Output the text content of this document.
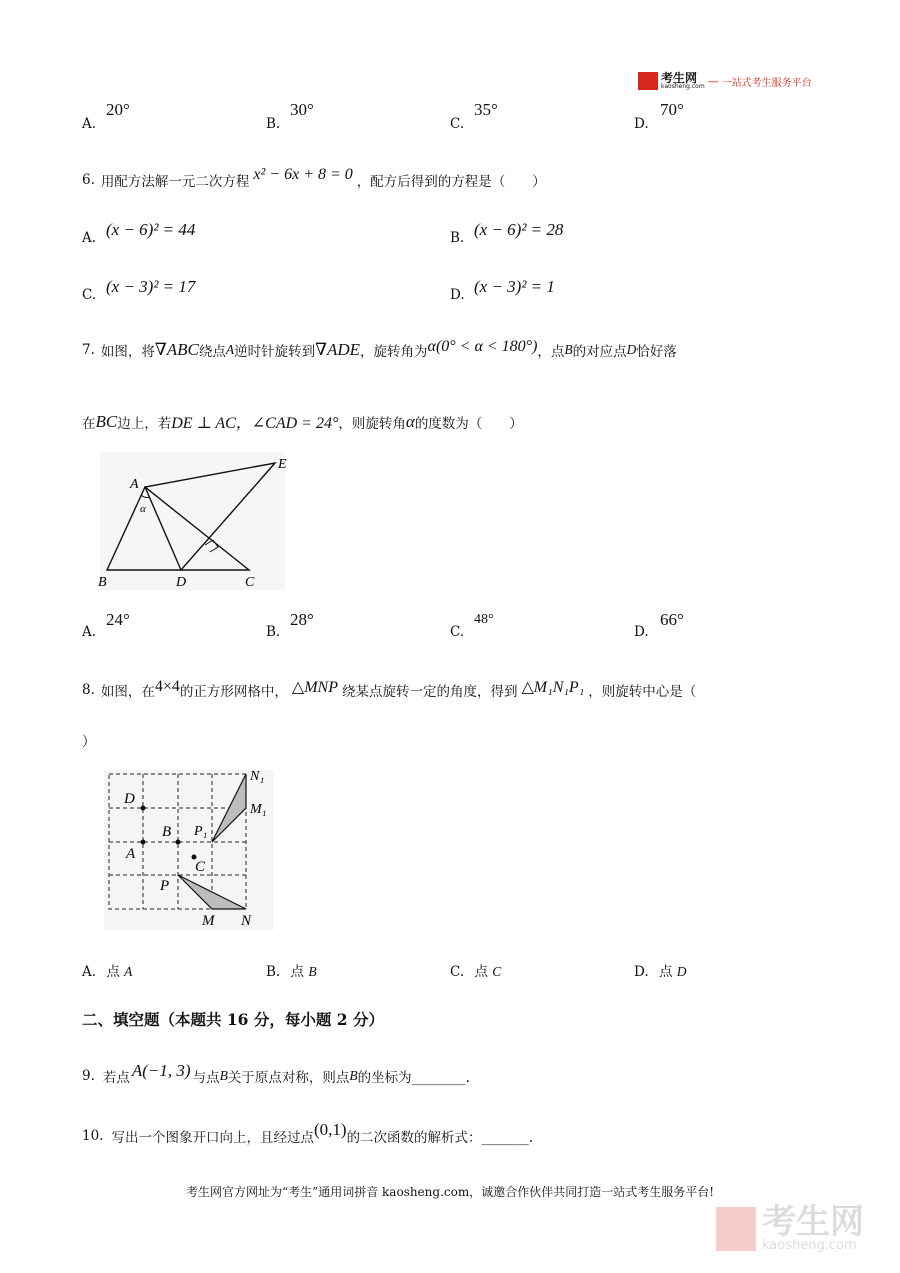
考生网
kaosheng.com — 一站式考生服务平台
A.
20°
B.
30°
C.
35°
D.
70°
6. 用配方法解一元二次方程 x² − 6x + 8 = 0 ，配方后得到的方程是（　　）
A. (x − 6)² = 44	B. (x − 6)² = 28
C. (x − 3)² = 17	D. (x − 3)² = 1
7. 如图，将 ∇ABC 绕点 A 逆时针旋转到 ∇ADE ，旋转角为 α(0° < α < 180°) ，点 B 的对应点 D 恰好落
在 BC 边上，若 DE ⊥ AC，∠CAD = 24° ，则旋转角 α 的度数为（　　）
A
α
E
B	D	C
A.
24°
B.
28°
C.
48°
D.
66°
8. 如图，在 4×4 的正方形网格中， △MNP 绕某点旋转一定的角度，得到 △M₁N₁P₁ ，则旋转中心是（
）
D
B
A
C
P
M N
N₁
M₁
P₁
A. 点 A	B. 点 B	C. 点 C	D. 点 D
二、填空题（本题共 16 分，每小题 2 分）
9. 若点 A(−1, 3) 与点 B 关于原点对称，则点 B 的坐标为________.
10. 写出一个图象开口向上，且经过点 (0,1) 的二次函数的解析式：_______.
考生网官方网址为“考生”通用词拼音 kaosheng.com，诚邀合作伙伴共同打造一站式考生服务平台!
考生网
kaosheng.com
